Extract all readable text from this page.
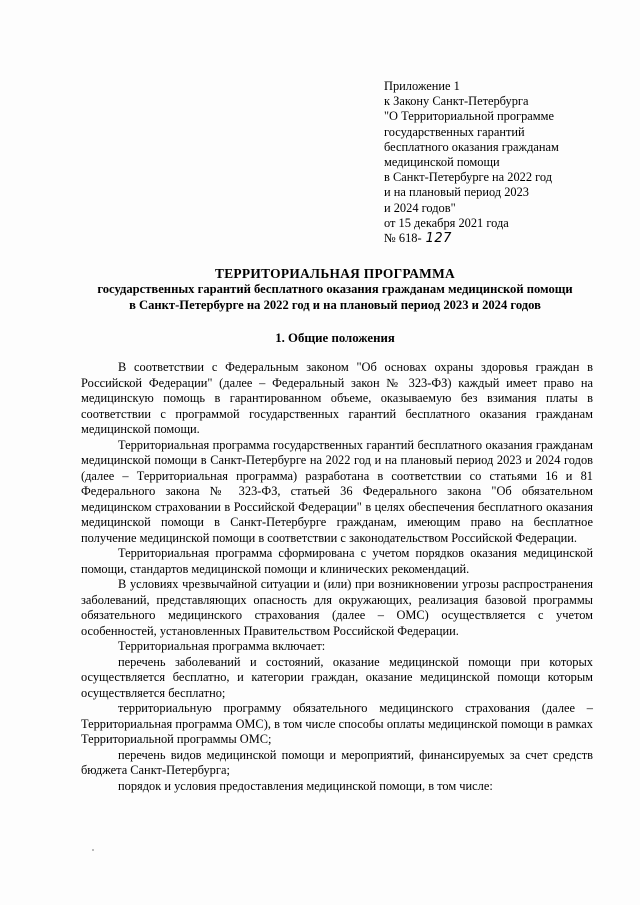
Приложение 1
к Закону Санкт-Петербурга
"О Территориальной программе
государственных гарантий
бесплатного оказания гражданам
медицинской помощи
в Санкт-Петербурге на 2022 год
и на плановый период 2023
и 2024 годов"
от 15 декабря 2021 года
№ 618- 127
ТЕРРИТОРИАЛЬНАЯ ПРОГРАММА
государственных гарантий бесплатного оказания гражданам медицинской помощи
в Санкт-Петербурге на 2022 год и на плановый период 2023 и 2024 годов
1. Общие положения

В соответствии с Федеральным законом "Об основах охраны здоровья граждан в Российской Федерации" (далее – Федеральный закон № 323-ФЗ) каждый имеет право на медицинскую помощь в гарантированном объеме, оказываемую без взимания платы в соответствии с программой государственных гарантий бесплатного оказания гражданам медицинской помощи.

Территориальная программа государственных гарантий бесплатного оказания гражданам медицинской помощи в Санкт-Петербурге на 2022 год и на плановый период 2023 и 2024 годов (далее – Территориальная программа) разработана в соответствии со статьями 16 и 81 Федерального закона № 323-ФЗ, статьей 36 Федерального закона "Об обязательном медицинском страховании в Российской Федерации" в целях обеспечения бесплатного оказания медицинской помощи в Санкт-Петербурге гражданам, имеющим право на бесплатное получение медицинской помощи в соответствии с законодательством Российской Федерации.

Территориальная программа сформирована с учетом порядков оказания медицинской помощи, стандартов медицинской помощи и клинических рекомендаций.

В условиях чрезвычайной ситуации и (или) при возникновении угрозы распространения заболеваний, представляющих опасность для окружающих, реализация базовой программы обязательного медицинского страхования (далее – ОМС) осуществляется с учетом особенностей, установленных Правительством Российской Федерации.

Территориальная программа включает:

перечень заболеваний и состояний, оказание медицинской помощи при которых осуществляется бесплатно, и категории граждан, оказание медицинской помощи которым осуществляется бесплатно;

территориальную программу обязательного медицинского страхования (далее – Территориальная программа ОМС), в том числе способы оплаты медицинской помощи в рамках Территориальной программы ОМС;

перечень видов медицинской помощи и мероприятий, финансируемых за счет средств бюджета Санкт-Петербурга;

порядок и условия предоставления медицинской помощи, в том числе:
